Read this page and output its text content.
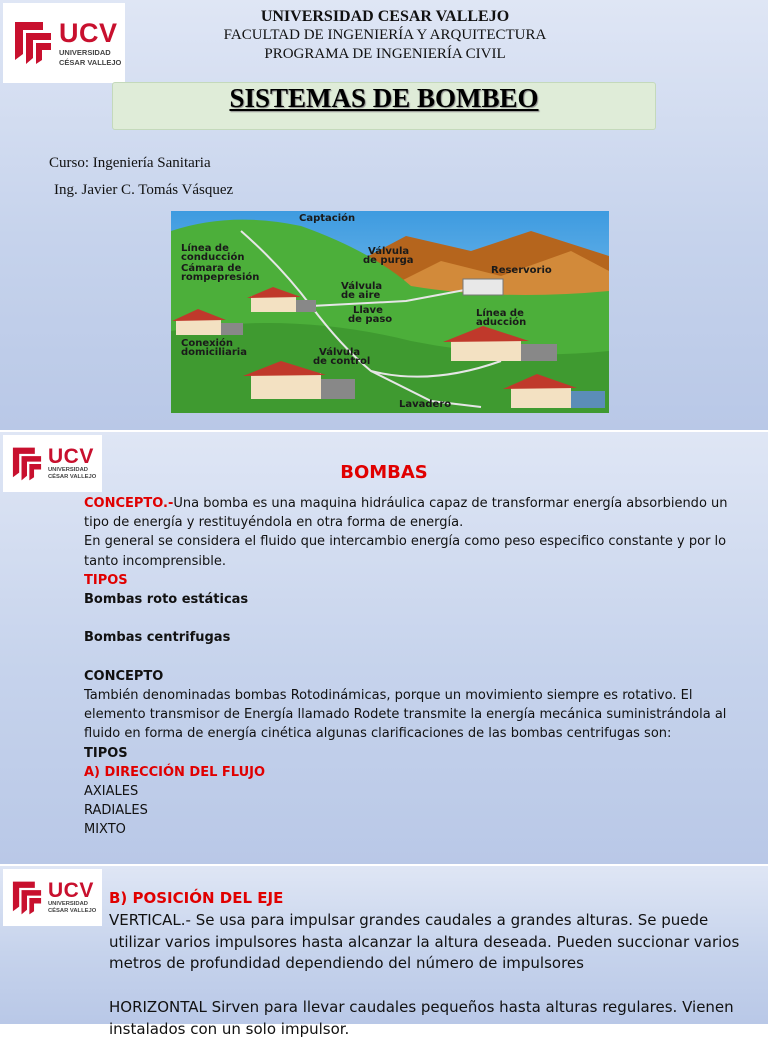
UCV
UNIVERSIDAD
CÉSAR VALLEJO
UNIVERSIDAD CESAR VALLEJO
FACULTAD DE INGENIERÍA Y ARQUITECTURA
PROGRAMA DE INGENIERÍA CIVIL
SISTEMAS DE BOMBEO
Curso: Ingeniería Sanitaria
Ing. Javier C. Tomás Vásquez
Captación
Línea de
conducción
Cámara de
rompepresión
Válvula
de purga
Reservorio
Válvula
de aire
Llave
de paso
Línea de
aducción
Conexión
domiciliaria	Válvula
de control
Lavadero
UCV
UNIVERSIDAD
CÉSAR VALLEJO	BOMBAS
CONCEPTO.-Una bomba es una maquina hidráulica capaz de transformar energía absorbiendo un
tipo de energía y restituyéndola en otra forma de energía.
En general se considera el fluido que intercambio energía como peso especifico constante y por lo
tanto incomprensible.
TIPOS
Bombas roto estáticas

Bombas centrifugas

CONCEPTO
También denominadas bombas Rotodinámicas, porque un movimiento siempre es rotativo. El
elemento transmisor de Energía llamado Rodete transmite la energía mecánica suministrándola al
fluido en forma de energía cinética algunas clarificaciones de las bombas centrifugas son:
TIPOS
A) DIRECCIÓN DEL FLUJO
AXIALES
RADIALES
MIXTO
UCV
UNIVERSIDAD
CÉSAR VALLEJO
B) POSICIÓN DEL EJE
VERTICAL.- Se usa para impulsar grandes caudales a grandes alturas. Se puede
utilizar varios impulsores hasta alcanzar la altura deseada. Pueden succionar varios
metros de profundidad dependiendo del número de impulsores

HORIZONTAL Sirven para llevar caudales pequeños hasta alturas regulares. Vienen
instalados con un solo impulsor.
